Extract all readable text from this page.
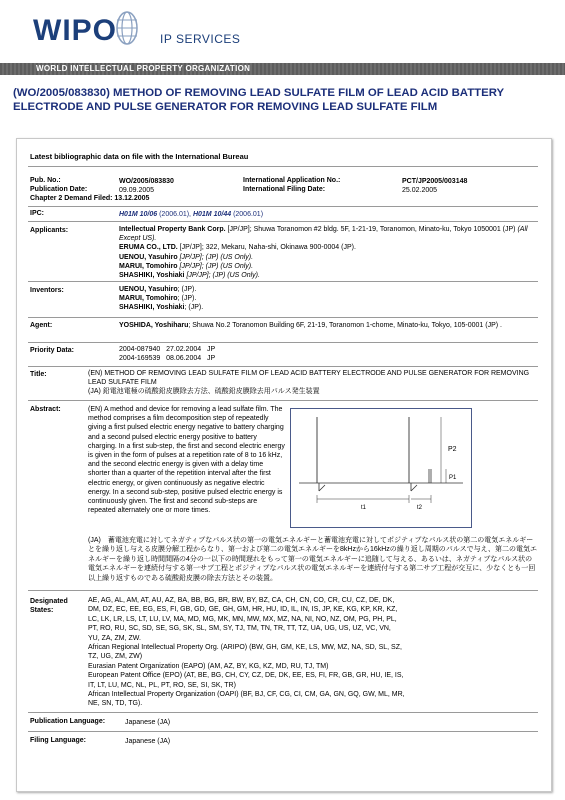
WIPO	IP SERVICES
WORLD INTELLECTUAL PROPERTY ORGANIZATION
(WO/2005/083830) METHOD OF REMOVING LEAD SULFATE FILM OF LEAD ACID BATTERY ELECTRODE AND PULSE GENERATOR FOR REMOVING LEAD SULFATE FILM
Latest bibliographic data on file with the International Bureau
Pub. No.:	WO/2005/083830	International Application No.:	PCT/JP2005/003148
Publication Date:	09.09.2005	International Filing Date:	25.02.2005
Chapter 2 Demand Filed: 13.12.2005
IPC:	H01M 10/06 (2006.01), H01M 10/44 (2006.01)
Applicants:	Intellectual Property Bank Corp. [JP/JP]; Shuwa Toranomon #2 bldg. 5F, 1-21-19, Toranomon, Minato-ku, Tokyo 1050001 (JP) (All Except US).
ERUMA CO., LTD. [JP/JP]; 322, Mekaru, Naha-shi, Okinawa 900-0004 (JP).
UENOU, Yasuhiro [JP/JP]; (JP) (US Only).
MARUI, Tomohiro [JP/JP]; (JP) (US Only).
SHASHIKI, Yoshiaki [JP/JP]; (JP) (US Only).
Inventors:	UENOU, Yasuhiro; (JP).
MARUI, Tomohiro; (JP).
SHASHIKI, Yoshiaki; (JP).
Agent:	YOSHIDA, Yoshiharu; Shuwa No.2 Toranomon Building 6F, 21-19, Toranomon 1-chome, Minato-ku, Tokyo, 105-0001 (JP) .
Priority Data:	2004-087940   27.02.2004   JP
2004-169539   08.06.2004   JP
Title:	(EN) METHOD OF REMOVING LEAD SULFATE FILM OF LEAD ACID BATTERY ELECTRODE AND PULSE GENERATOR FOR REMOVING LEAD SULFATE FILM
(JA) 鉛電池電極の硫酸鉛皮膜除去方法、硫酸鉛皮膜除去用パルス発生装置
Abstract:	(EN) A method and device for removing a lead sulfate film. The method comprises a film decomposition step of repeatedly giving a first pulsed electric energy negative to battery charging and a second pulsed electric energy positive to battery charging. In a first sub-step, the first and second electric energy is given in the form of pulses at a repetition rate of 8 to 16 kHz, and the second electric energy is given with a delay time shorter than a quarter of the repetition interval after the first electric energy, or given continuously as negative electric energy. In a second sub-step, positive pulsed electric energy is continuously given. The first and second sub-steps are repeated alternately one or more times.
P2
P1
t1	t2
(JA)　蓄電池充電に対してネガティブなパルス状の第一の電気エネルギーと蓄電池充電に対してポジティブなパルス状の第二の電気エネルギーとを繰り返し与える皮膜分解工程からなり、第一および第二の電気エネルギーを8kHzから16kHzの繰り返し周期のパルスで与え、第二の電気エネルギーを繰り返し時間間隔の4分の一以下の時間遅れをもって第一の電気エネルギーに追随して与える、あるいは、ネガティブなパルス状の電気エネルギーを連続付与する第一サブ工程とポジティブなパルス状の電気エネルギーを連続付与する第二サブ工程が交互に、少なくとも一回以上繰り返すものである硫酸鉛皮膜の除去方法とその装置。
Designated
States:
AE, AG, AL, AM, AT, AU, AZ, BA, BB, BG, BR, BW, BY, BZ, CA, CH, CN, CO, CR, CU, CZ, DE, DK,
DM, DZ, EC, EE, EG, ES, FI, GB, GD, GE, GH, GM, HR, HU, ID, IL, IN, IS, JP, KE, KG, KP, KR, KZ,
LC, LK, LR, LS, LT, LU, LV, MA, MD, MG, MK, MN, MW, MX, MZ, NA, NI, NO, NZ, OM, PG, PH, PL,
PT, RO, RU, SC, SD, SE, SG, SK, SL, SM, SY, TJ, TM, TN, TR, TT, TZ, UA, UG, US, UZ, VC, VN,
YU, ZA, ZM, ZW.
African Regional Intellectual Property Org. (ARIPO) (BW, GH, GM, KE, LS, MW, MZ, NA, SD, SL, SZ,
TZ, UG, ZM, ZW)
Eurasian Patent Organization (EAPO) (AM, AZ, BY, KG, KZ, MD, RU, TJ, TM)
European Patent Office (EPO) (AT, BE, BG, CH, CY, CZ, DE, DK, EE, ES, FI, FR, GB, GR, HU, IE, IS,
IT, LT, LU, MC, NL, PL, PT, RO, SE, SI, SK, TR)
African Intellectual Property Organization (OAPI) (BF, BJ, CF, CG, CI, CM, GA, GN, GQ, GW, ML, MR,
NE, SN, TD, TG).
Publication Language:	Japanese (JA)
Filing Language:	Japanese (JA)
